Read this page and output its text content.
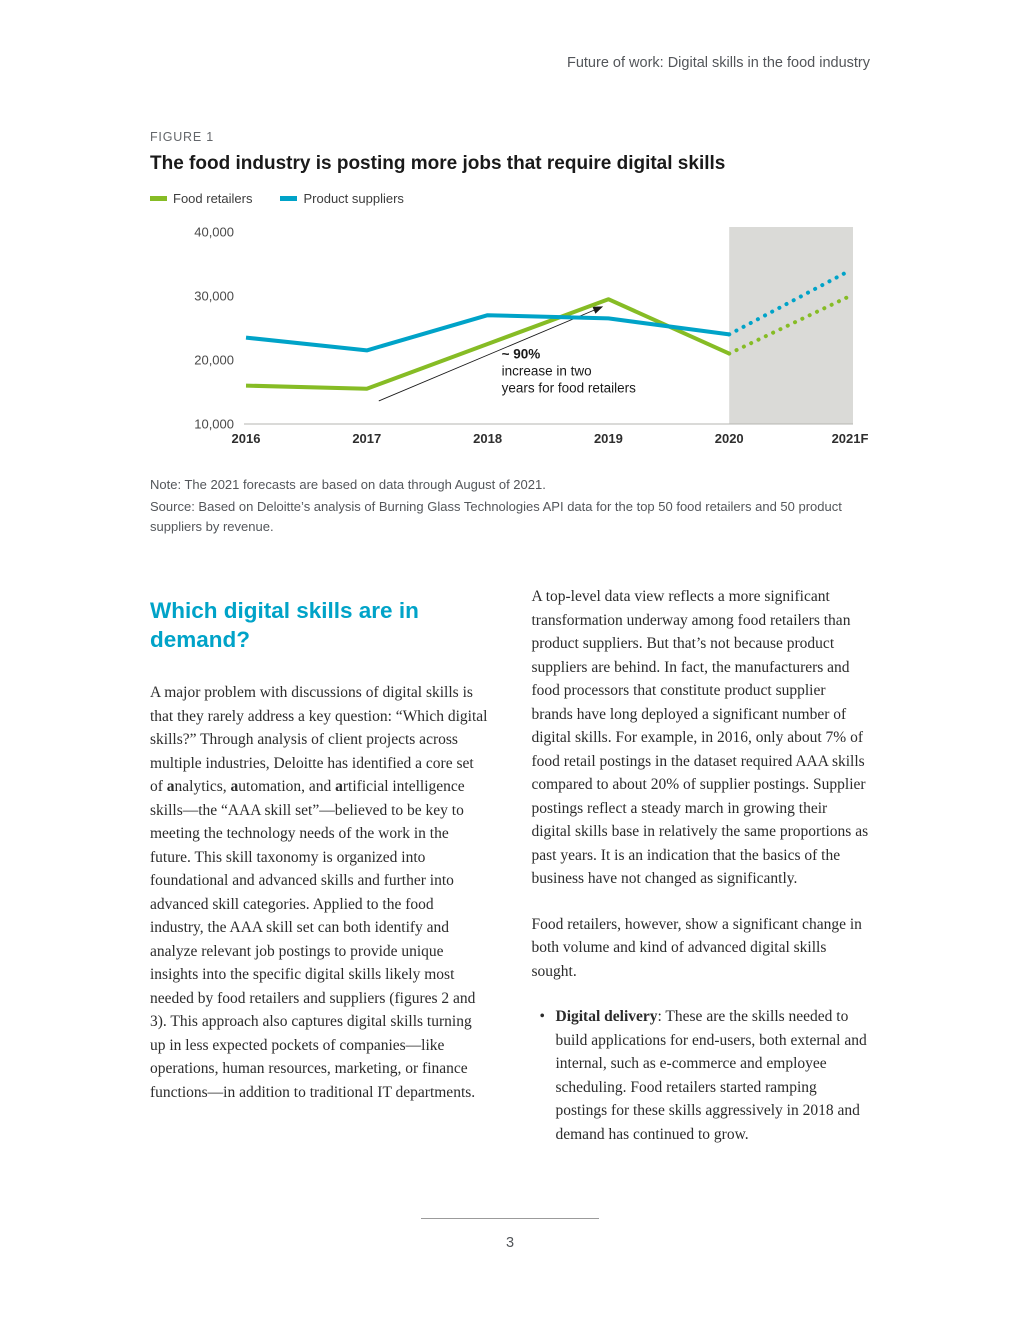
Future of work: Digital skills in the food industry
FIGURE 1
The food industry is posting more jobs that require digital skills
Food retailers	Product suppliers
10,000
20,000
30,000
40,000
2016	2017	2018	2019	2020	2021F
~ 90%
increase in two
years for food retailers

Note: The 2021 forecasts are based on data through August of 2021.

Source: Based on Deloitte’s analysis of Burning Glass Technologies API data for the top 50 food retailers and 50 product suppliers by revenue.

Which digital skills are in demand?

A major problem with discussions of digital skills is that they rarely address a key question: “Which digital skills?” Through analysis of client projects across multiple industries, Deloitte has identified a core set of analytics, automation, and artificial intelligence skills—the “AAA skill set”—believed to be key to meeting the technology needs of the work in the future. This skill taxonomy is organized into foundational and advanced skills and further into advanced skill categories. Applied to the food industry, the AAA skill set can both identify and analyze relevant job postings to provide unique insights into the specific digital skills likely most needed by food retailers and suppliers (figures 2 and 3). This approach also captures digital skills turning up in less expected pockets of companies—like operations, human resources, marketing, or finance functions—in addition to traditional IT departments.

A top-level data view reflects a more significant transformation underway among food retailers than product suppliers. But that’s not because product suppliers are behind. In fact, the manufacturers and food processors that constitute product supplier brands have long deployed a significant number of digital skills. For example, in 2016, only about 7% of food retail postings in the dataset required AAA skills compared to about 20% of supplier postings. Supplier postings reflect a steady march in growing their digital skills base in relatively the same proportions as past years. It is an indication that the basics of the business have not changed as significantly.

Food retailers, however, show a significant change in both volume and kind of advanced digital skills sought.

• Digital delivery: These are the skills needed to build applications for end-users, both external and internal, such as e-commerce and employee scheduling. Food retailers started ramping postings for these skills aggressively in 2018 and demand has continued to grow.
3
